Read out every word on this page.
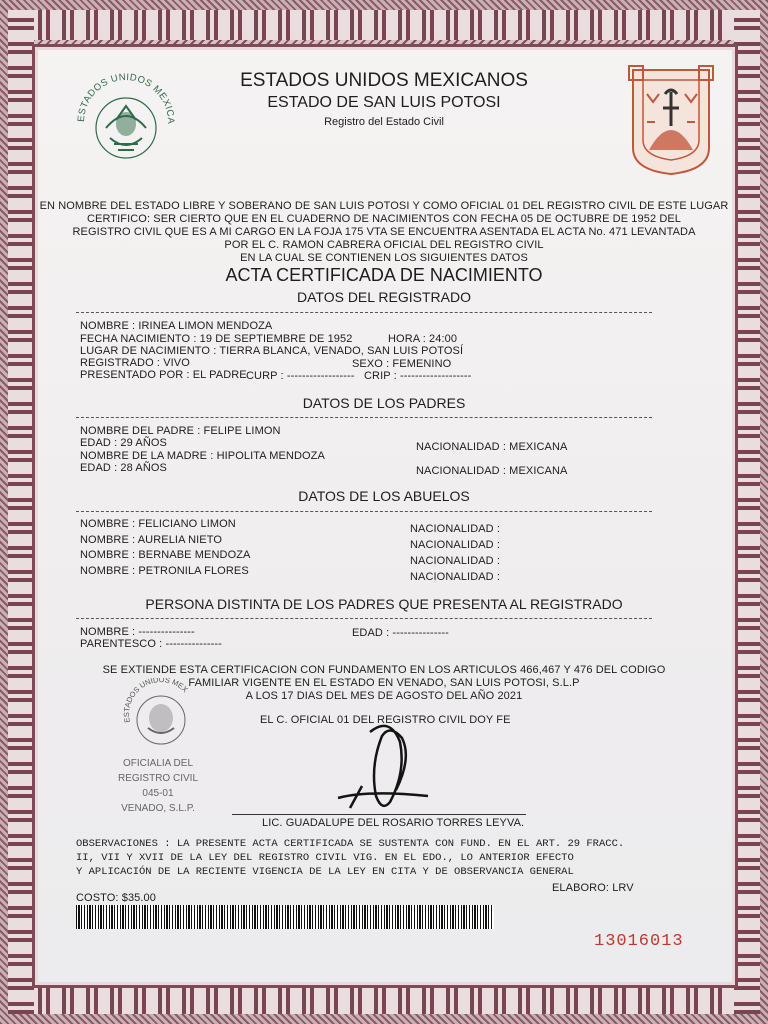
ESTADOS UNIDOS MEXICA
ESTADOS UNIDOS MEXICANOS
ESTADO DE SAN LUIS POTOSI
Registro del Estado Civil
EN NOMBRE DEL ESTADO LIBRE Y SOBERANO DE SAN LUIS POTOSI Y COMO OFICIAL 01 DEL REGISTRO CIVIL DE ESTE LUGAR
CERTIFICO: SER CIERTO QUE EN EL CUADERNO DE NACIMIENTOS CON FECHA 05 DE OCTUBRE DE 1952 DEL
REGISTRO CIVIL QUE ES A MI CARGO EN LA FOJA 175 VTA SE ENCUENTRA ASENTADA EL ACTA No. 471 LEVANTADA
POR EL C. RAMON CABRERA OFICIAL DEL REGISTRO CIVIL
EN LA CUAL SE CONTIENEN LOS SIGUIENTES DATOS
ACTA CERTIFICADA DE NACIMIENTO
DATOS DEL REGISTRADO
NOMBRE : IRINEA LIMON MENDOZA
FECHA NACIMIENTO : 19 DE SEPTIEMBRE DE 1952	HORA : 24:00
LUGAR DE NACIMIENTO : TIERRA BLANCA, VENADO, SAN LUIS POTOSÍ
REGISTRADO : VIVO	SEXO : FEMENINO
PRESENTADO POR : EL PADRE CURP : ------------------ CRIP : -------------------
DATOS DE LOS PADRES
NOMBRE DEL PADRE : FELIPE LIMON
EDAD : 29 AÑOS	NACIONALIDAD : MEXICANA
NOMBRE DE LA MADRE : HIPOLITA MENDOZA
EDAD : 28 AÑOS	NACIONALIDAD : MEXICANA
DATOS DE LOS ABUELOS
NOMBRE : FELICIANO LIMON	NACIONALIDAD :
NOMBRE : AURELIA NIETO	NACIONALIDAD :
NOMBRE : BERNABE MENDOZA	NACIONALIDAD :
NOMBRE : PETRONILA FLORES	NACIONALIDAD :
PERSONA DISTINTA DE LOS PADRES QUE PRESENTA AL REGISTRADO
NOMBRE : ---------------	EDAD : ---------------
PARENTESCO : ---------------
SE EXTIENDE ESTA CERTIFICACION CON FUNDAMENTO EN LOS ARTICULOS 466,467 Y 476 DEL CODIGO
FAMILIAR VIGENTE EN EL ESTADO EN VENADO, SAN LUIS POTOSI, S.L.P
A LOS 17 DIAS DEL MES DE AGOSTO DEL AÑO 2021
EL C. OFICIAL 01 DEL REGISTRO CIVIL DOY FE
ESTADOS UNIDOS MEX
OFICIALIA DEL
REGISTRO CIVIL
045-01
VENADO, S.L.P.
LIC. GUADALUPE DEL ROSARIO TORRES LEYVA.
OBSERVACIONES : LA PRESENTE ACTA CERTIFICADA SE SUSTENTA CON FUND. EN EL ART. 29 FRACC.
II, VII Y XVII DE LA LEY DEL REGISTRO CIVIL VIG. EN EL EDO., LO ANTERIOR EFECTO
Y APLICACIÓN DE LA RECIENTE VIGENCIA DE LA LEY EN CITA Y DE OBSERVANCIA GENERAL
ELABORO: LRV
COSTO: $35.00
13016013
